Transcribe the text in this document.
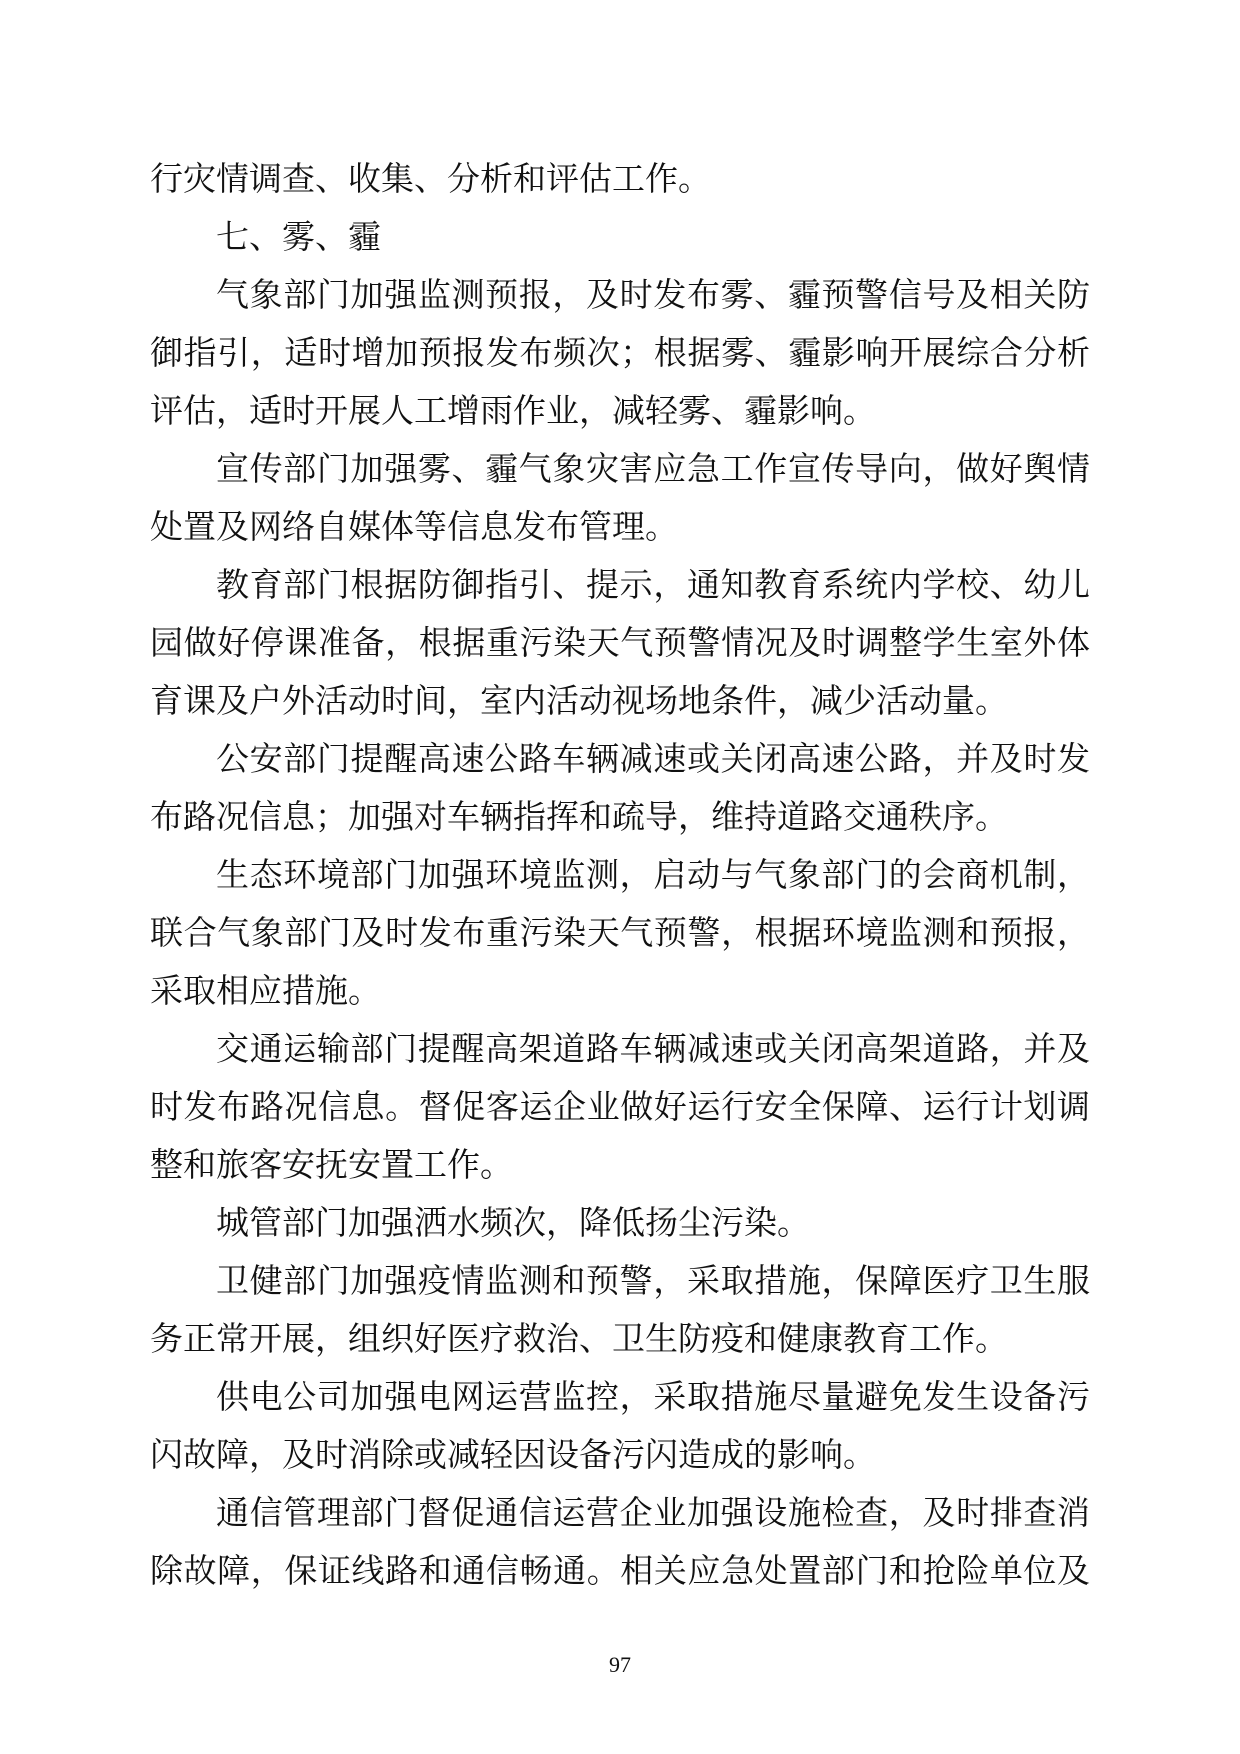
行灾情调查、收集、分析和评估工作。
七、雾、霾
气象部门加强监测预报，及时发布雾、霾预警信号及相关防
御指引，适时增加预报发布频次；根据雾、霾影响开展综合分析
评估，适时开展人工增雨作业，减轻雾、霾影响。
宣传部门加强雾、霾气象灾害应急工作宣传导向，做好舆情
处置及网络自媒体等信息发布管理。
教育部门根据防御指引、提示，通知教育系统内学校、幼儿
园做好停课准备，根据重污染天气预警情况及时调整学生室外体
育课及户外活动时间，室内活动视场地条件，减少活动量。
公安部门提醒高速公路车辆减速或关闭高速公路，并及时发
布路况信息；加强对车辆指挥和疏导，维持道路交通秩序。
生态环境部门加强环境监测，启动与气象部门的会商机制，
联合气象部门及时发布重污染天气预警，根据环境监测和预报，
采取相应措施。
交通运输部门提醒高架道路车辆减速或关闭高架道路，并及
时发布路况信息。督促客运企业做好运行安全保障、运行计划调
整和旅客安抚安置工作。
城管部门加强洒水频次，降低扬尘污染。
卫健部门加强疫情监测和预警，采取措施，保障医疗卫生服
务正常开展，组织好医疗救治、卫生防疫和健康教育工作。
供电公司加强电网运营监控，采取措施尽量避免发生设备污
闪故障，及时消除或减轻因设备污闪造成的影响。
通信管理部门督促通信运营企业加强设施检查，及时排查消
除故障，保证线路和通信畅通。相关应急处置部门和抢险单位及
97
